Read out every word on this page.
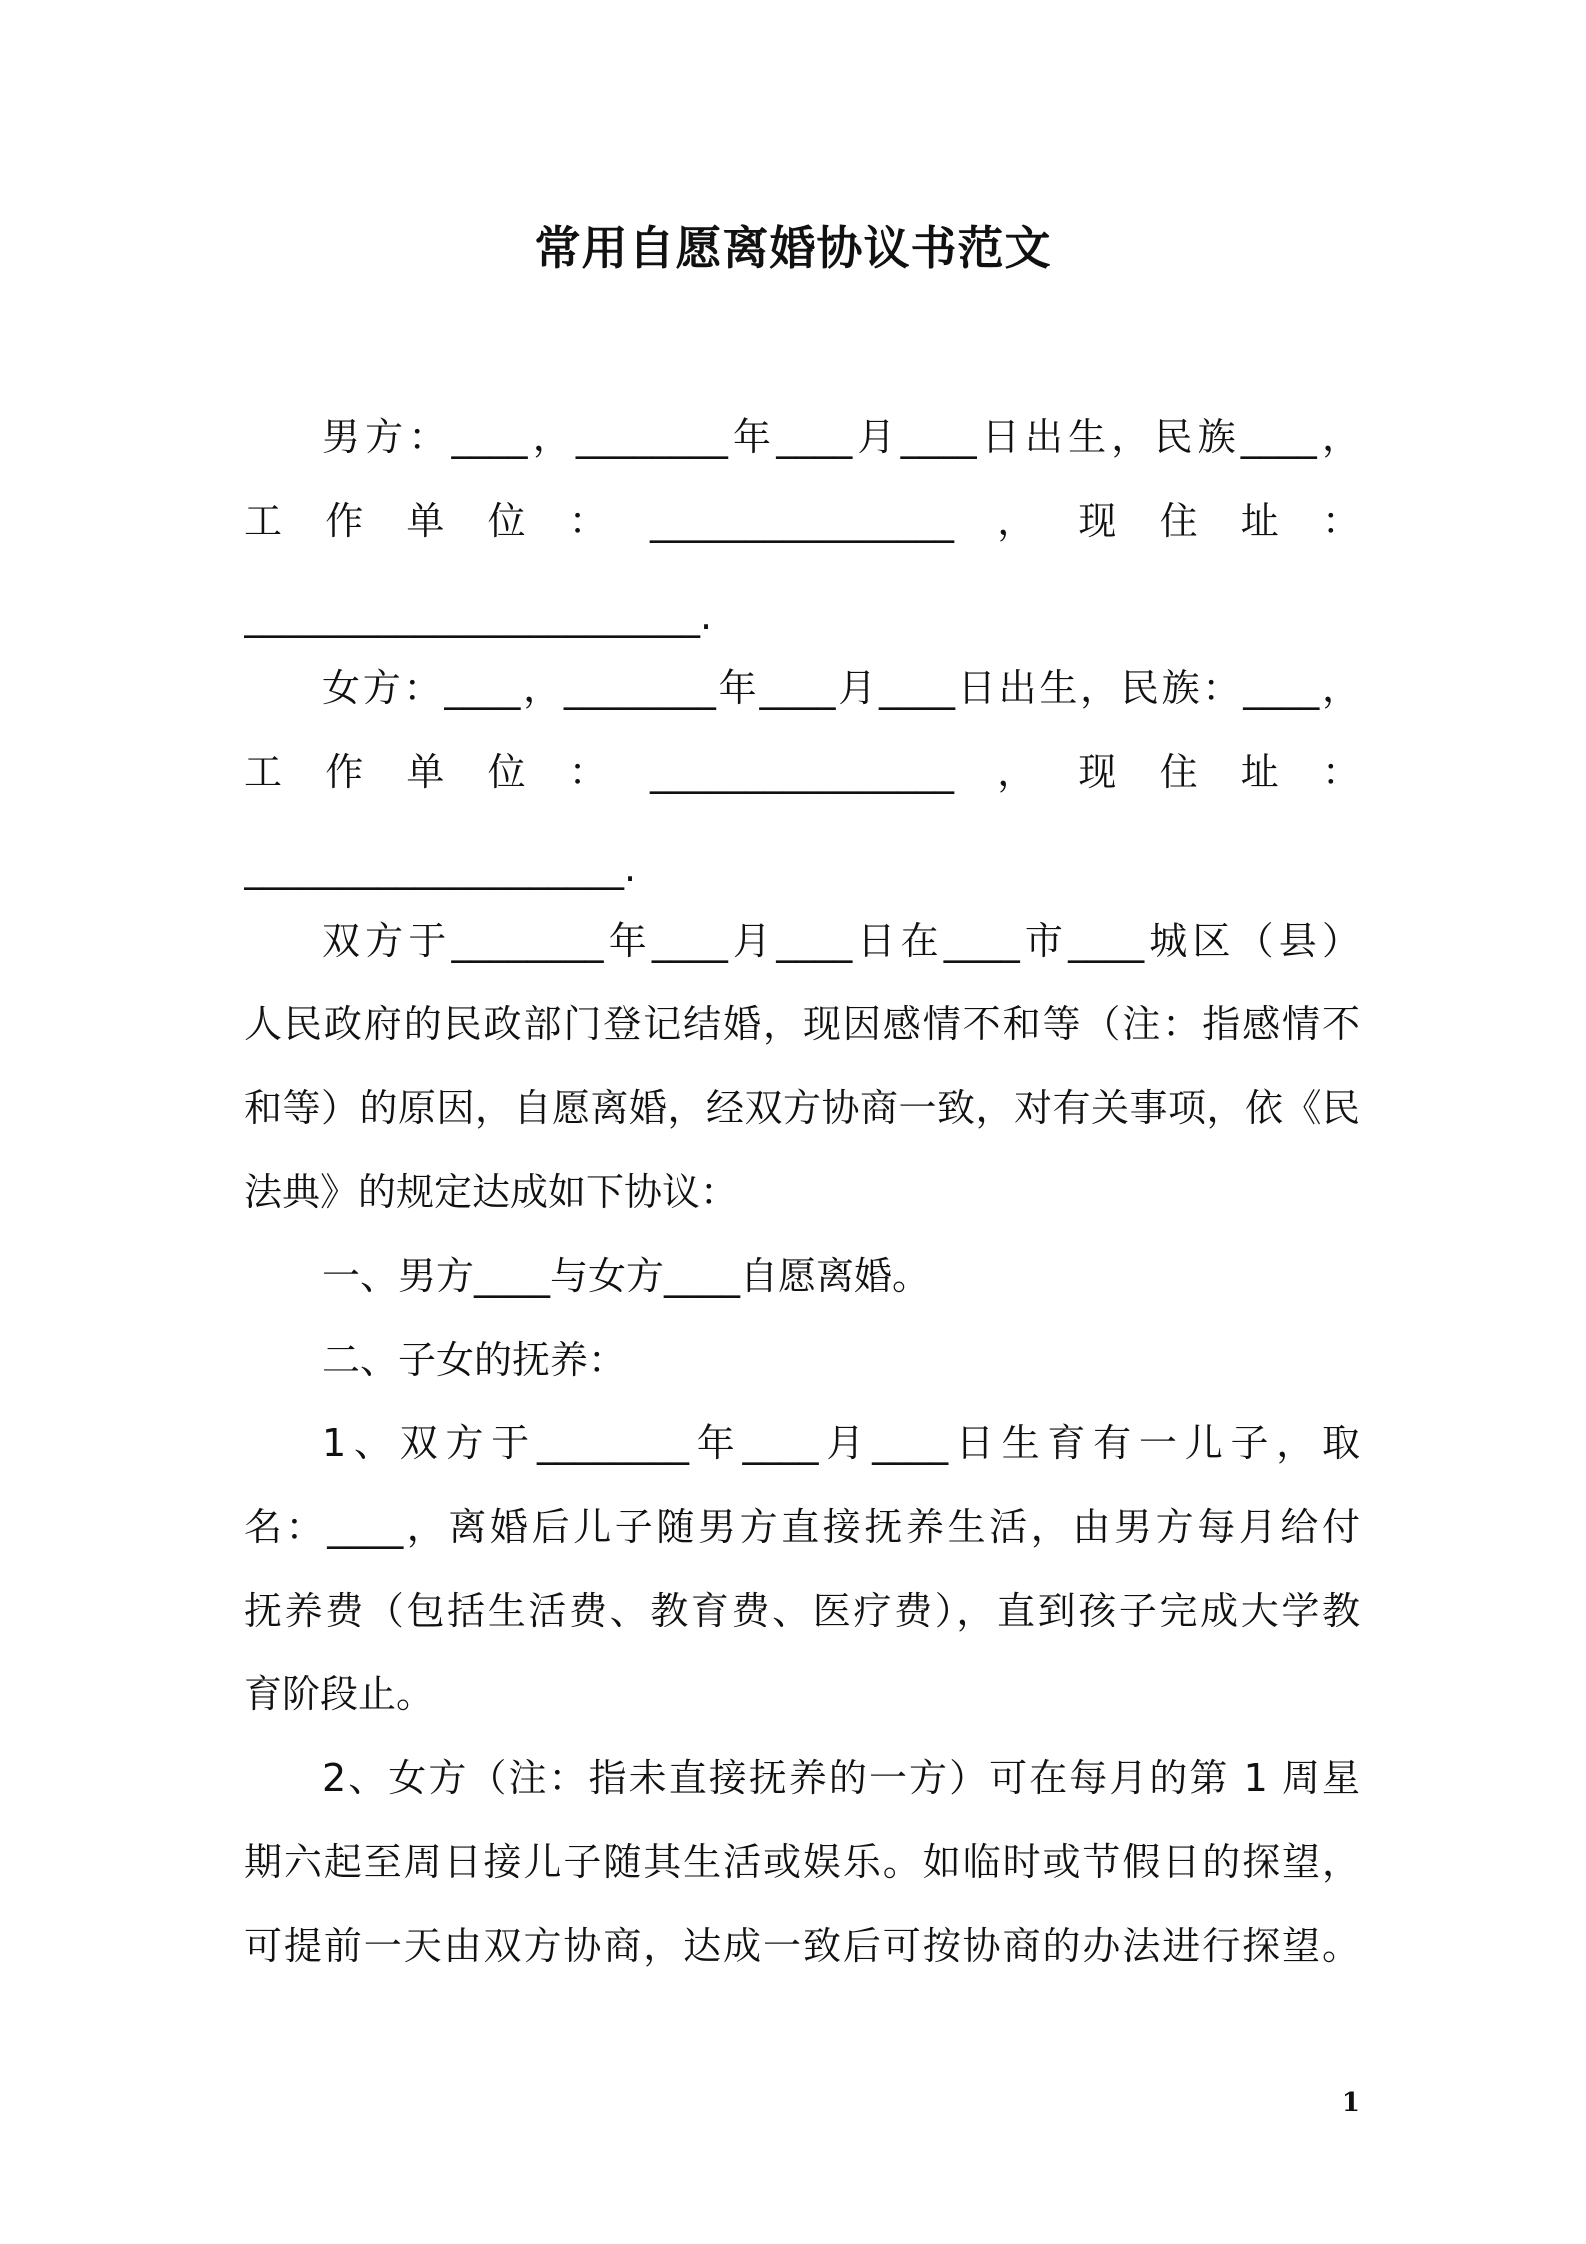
常用自愿离婚协议书范文
男方：____，________年____月____日出生，民族____，
工作单位：________________，现住址：
________________________.
女方：____，________年____月____日出生，民族：____，
工作单位：________________，现住址：
____________________.
双方于________年____月____日在____市____城区（县）
人民政府的民政部门登记结婚，现因感情不和等（注：指感情不
和等）的原因，自愿离婚，经双方协商一致，对有关事项，依《民
法典》的规定达成如下协议：
一、男方____与女方____自愿离婚。
二、子女的抚养：
1、双方于________年____月____日生育有一儿子，取
名：____，离婚后儿子随男方直接抚养生活，由男方每月给付
抚养费（包括生活费、教育费、医疗费），直到孩子完成大学教
育阶段止。
2、女方（注：指未直接抚养的一方）可在每月的第 1 周星
期六起至周日接儿子随其生活或娱乐。如临时或节假日的探望，
可提前一天由双方协商，达成一致后可按协商的办法进行探望。
1
